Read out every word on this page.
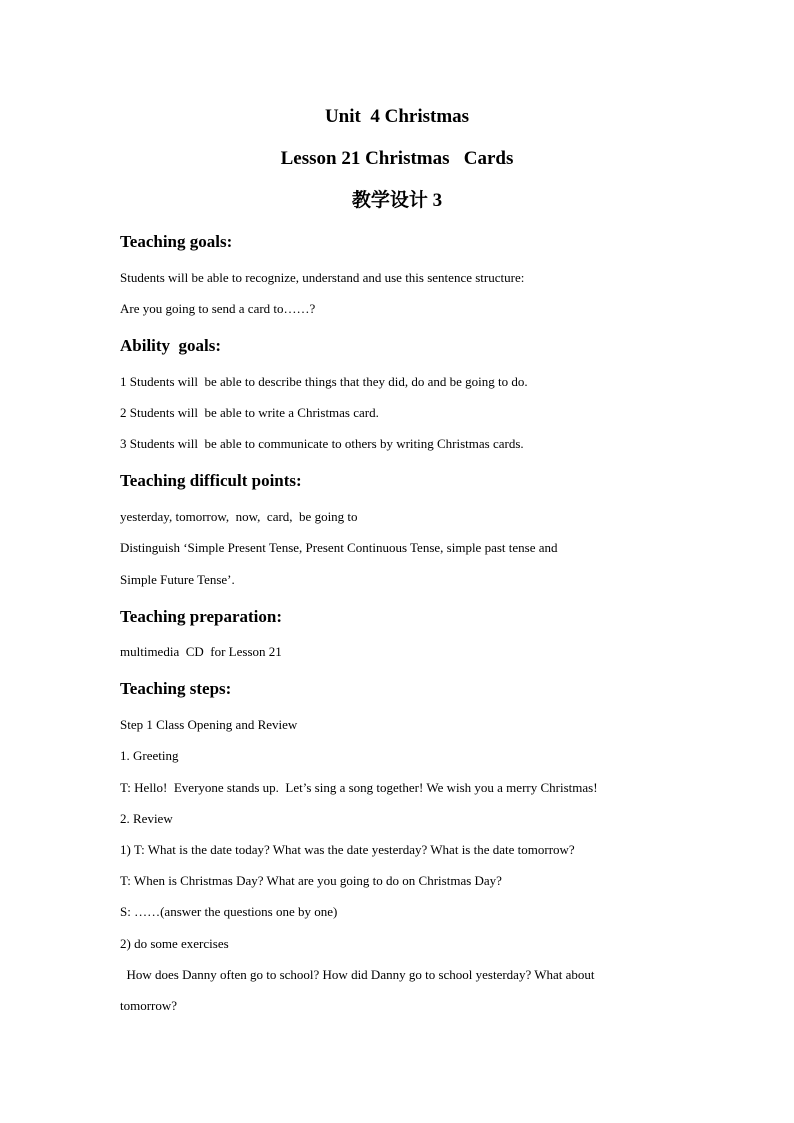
Unit  4 Christmas
Lesson 21 Christmas   Cards
教学设计 3
Teaching goals:
Students will be able to recognize, understand and use this sentence structure:
Are you going to send a card to……?
Ability  goals:
1 Students will  be able to describe things that they did, do and be going to do.
2 Students will  be able to write a Christmas card.
3 Students will  be able to communicate to others by writing Christmas cards.
Teaching difficult points:
yesterday, tomorrow,  now,  card,  be going to
Distinguish ‘Simple Present Tense, Present Continuous Tense, simple past tense and
Simple Future Tense’.
Teaching preparation:
multimedia  CD  for Lesson 21
Teaching steps:
Step 1 Class Opening and Review
1. Greeting
T: Hello!  Everyone stands up.  Let’s sing a song together! We wish you a merry Christmas!
2. Review
1) T: What is the date today? What was the date yesterday? What is the date tomorrow?
T: When is Christmas Day? What are you going to do on Christmas Day?
S: ……(answer the questions one by one)
2) do some exercises
How does Danny often go to school? How did Danny go to school yesterday? What about
tomorrow?
